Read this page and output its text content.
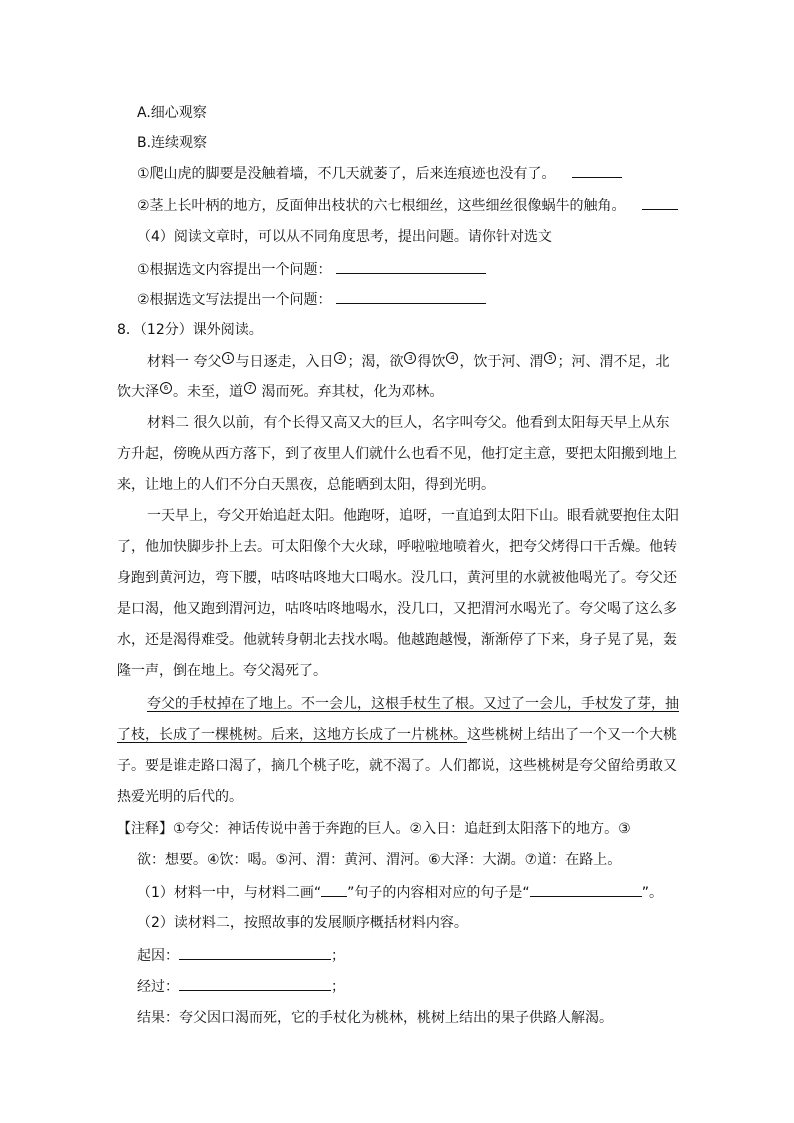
A.细心观察
B.连续观察
①爬山虎的脚要是没触着墙，不几天就萎了，后来连痕迹也没有了。
②茎上长叶柄的地方，反面伸出枝状的六七根细丝，这些细丝很像蜗牛的触角。
（4）阅读文章时，可以从不同角度思考，提出问题。请你针对选文
①根据选文内容提出一个问题：
②根据选文写法提出一个问题：
8．（12分）课外阅读。
材料一 夸父 1 与日逐走，入日 2 ；渴，欲 3 得饮 4 ，饮于河、渭 5 ；河、渭不足，北
饮大泽 6 。未至，道 7 渴而死。弃其杖，化为邓林。
材料二 很久以前，有个长得又高又大的巨人，名字叫夸父。他看到太阳每天早上从东
方升起，傍晚从西方落下，到了夜里人们就什么也看不见，他打定主意，要把太阳搬到地上
来，让地上的人们不分白天黑夜，总能晒到太阳，得到光明。
一天早上，夸父开始追赶太阳。他跑呀，追呀，一直追到太阳下山。眼看就要抱住太阳
了，他加快脚步扑上去。可太阳像个大火球，呼啦啦地喷着火，把夸父烤得口干舌燥。他转
身跑到黄河边，弯下腰，咕咚咕咚地大口喝水。没几口，黄河里的水就被他喝光了。夸父还
是口渴，他又跑到渭河边，咕咚咕咚地喝水，没几口，又把渭河水喝光了。夸父喝了这么多
水，还是渴得难受。他就转身朝北去找水喝。他越跑越慢，渐渐停了下来，身子晃了晃，轰
隆一声，倒在地上。夸父渴死了。
夸父的手杖掉在了地上。不一会儿，这根手杖生了根。又过了一会儿，手杖发了芽，抽
了枝，长成了一棵桃树。后来，这地方长成了一片桃林。这些桃树上结出了一个又一个大桃
子。要是谁走路口渴了，摘几个桃子吃，就不渴了。人们都说，这些桃树是夸父留给勇敢又
热爱光明的后代的。
【注释】①夸父：神话传说中善于奔跑的巨人。②入日：追赶到太阳落下的地方。③
欲：想要。④饮：喝。⑤河、渭：黄河、渭河。⑥大泽：大湖。⑦道：在路上。
（1）材料一中，与材料二画“ ”句子的内容相对应的句子是“	”。
（2）读材料二，按照故事的发展顺序概括材料内容。
起因：	；
经过：	；
结果：夸父因口渴而死，它的手杖化为桃林，桃树上结出的果子供路人解渴。
